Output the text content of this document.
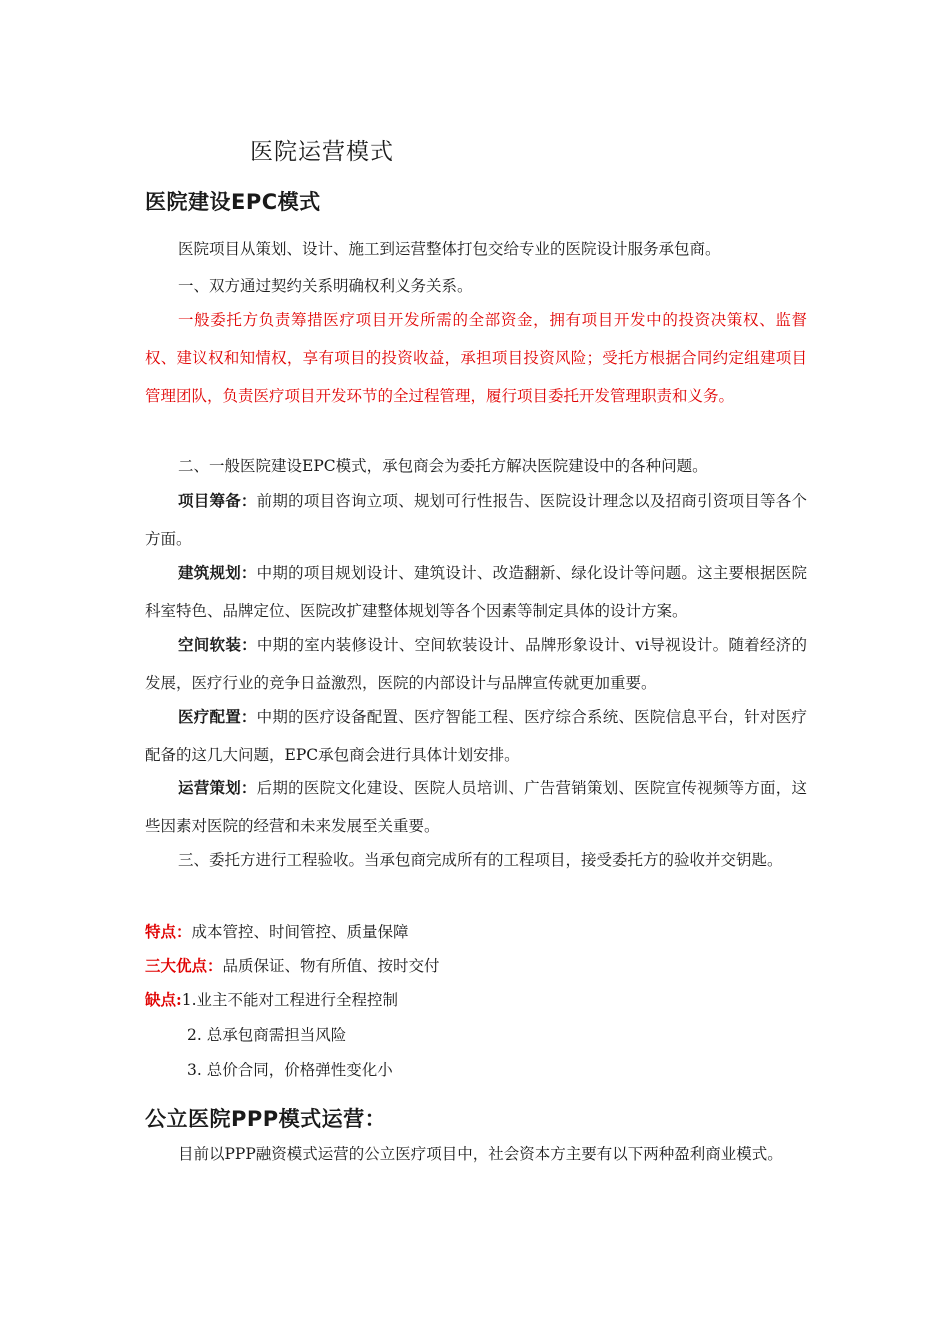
医院运营模式
医院建设EPC模式
医院项目从策划、设计、施工到运营整体打包交给专业的医院设计服务承包商。
一、双方通过契约关系明确权利义务关系。
一般委托方负责筹措医疗项目开发所需的全部资金，拥有项目开发中的投资决策权、监督权、建议权和知情权，享有项目的投资收益，承担项目投资风险；受托方根据合同约定组建项目管理团队，负责医疗项目开发环节的全过程管理，履行项目委托开发管理职责和义务。
二、一般医院建设EPC模式，承包商会为委托方解决医院建设中的各种问题。
项目筹备：前期的项目咨询立项、规划可行性报告、医院设计理念以及招商引资项目等各个方面。
建筑规划：中期的项目规划设计、建筑设计、改造翻新、绿化设计等问题。这主要根据医院科室特色、品牌定位、医院改扩建整体规划等各个因素等制定具体的设计方案。
空间软装：中期的室内装修设计、空间软装设计、品牌形象设计、vi导视设计。随着经济的发展，医疗行业的竞争日益激烈，医院的内部设计与品牌宣传就更加重要。
医疗配置：中期的医疗设备配置、医疗智能工程、医疗综合系统、医院信息平台，针对医疗配备的这几大问题，EPC承包商会进行具体计划安排。
运营策划：后期的医院文化建设、医院人员培训、广告营销策划、医院宣传视频等方面，这些因素对医院的经营和未来发展至关重要。
三、委托方进行工程验收。当承包商完成所有的工程项目，接受委托方的验收并交钥匙。
特点：成本管控、时间管控、质量保障
三大优点：品质保证、物有所值、按时交付
缺点:1.业主不能对工程进行全程控制
2. 总承包商需担当风险
3. 总价合同，价格弹性变化小
公立医院PPP模式运营：
目前以PPP融资模式运营的公立医疗项目中，社会资本方主要有以下两种盈利商业模式。
